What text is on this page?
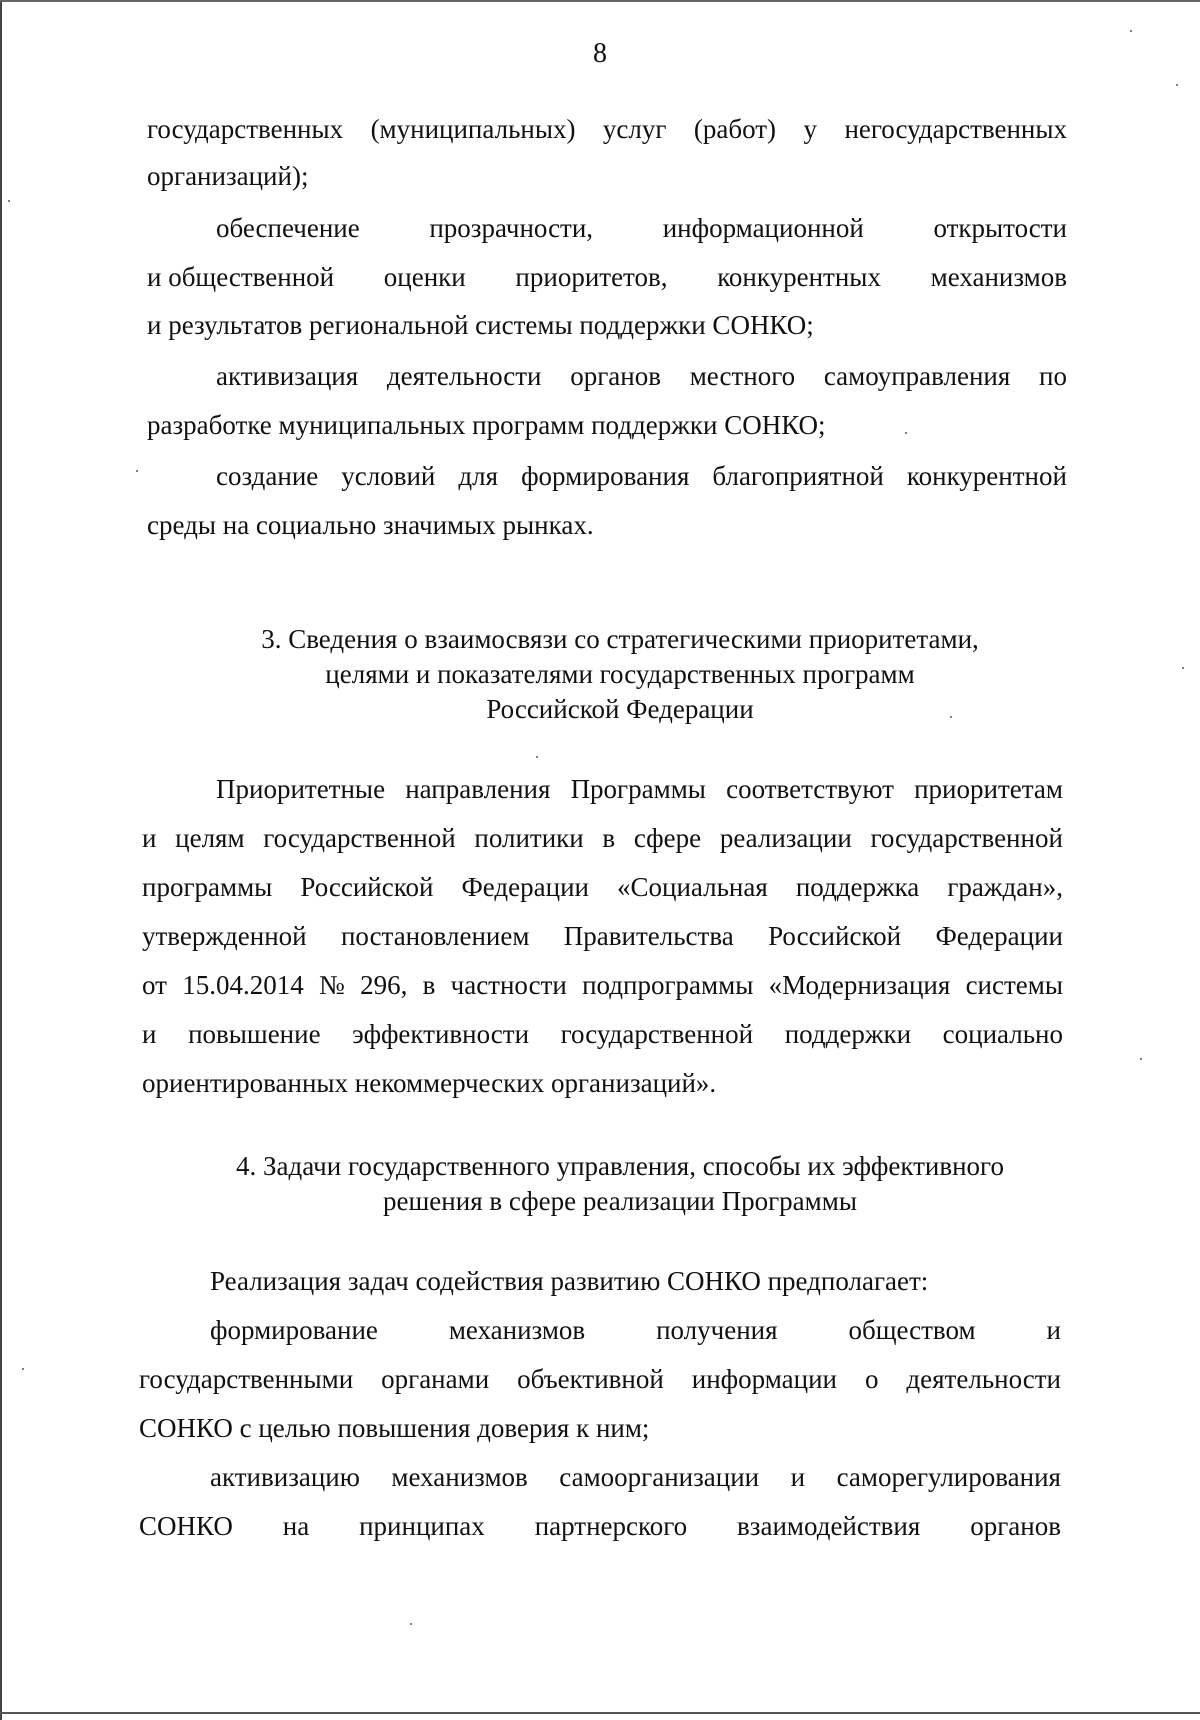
8
государственных (муниципальных) услуг (работ) у негосударственных
организаций);
обеспечение	прозрачности,	информационной	открытости
и общественной оценки приоритетов, конкурентных механизмов
и результатов региональной системы поддержки СОНКО;
активизация деятельности органов местного самоуправления по
разработке муниципальных программ поддержки СОНКО;
создание условий для формирования благоприятной конкурентной
среды на социально значимых рынках.
3. Сведения о взаимосвязи со стратегическими приоритетами,
целями и показателями государственных программ
Российской Федерации
Приоритетные направления Программы соответствуют приоритетам
и целям государственной политики в сфере реализации государственной
программы Российской Федерации «Социальная поддержка граждан»,
утвержденной постановлением Правительства Российской Федерации
от 15.04.2014 № 296, в частности подпрограммы «Модернизация системы
и повышение эффективности государственной поддержки социально
ориентированных некоммерческих организаций».
4. Задачи государственного управления, способы их эффективного
решения в сфере реализации Программы
Реализация задач содействия развитию СОНКО предполагает:
формирование	механизмов	получения	обществом	и
государственными органами объективной информации о деятельности
СОНКО с целью повышения доверия к ним;
активизацию механизмов самоорганизации и саморегулирования
СОНКО на принципах партнерского взаимодействия органов
